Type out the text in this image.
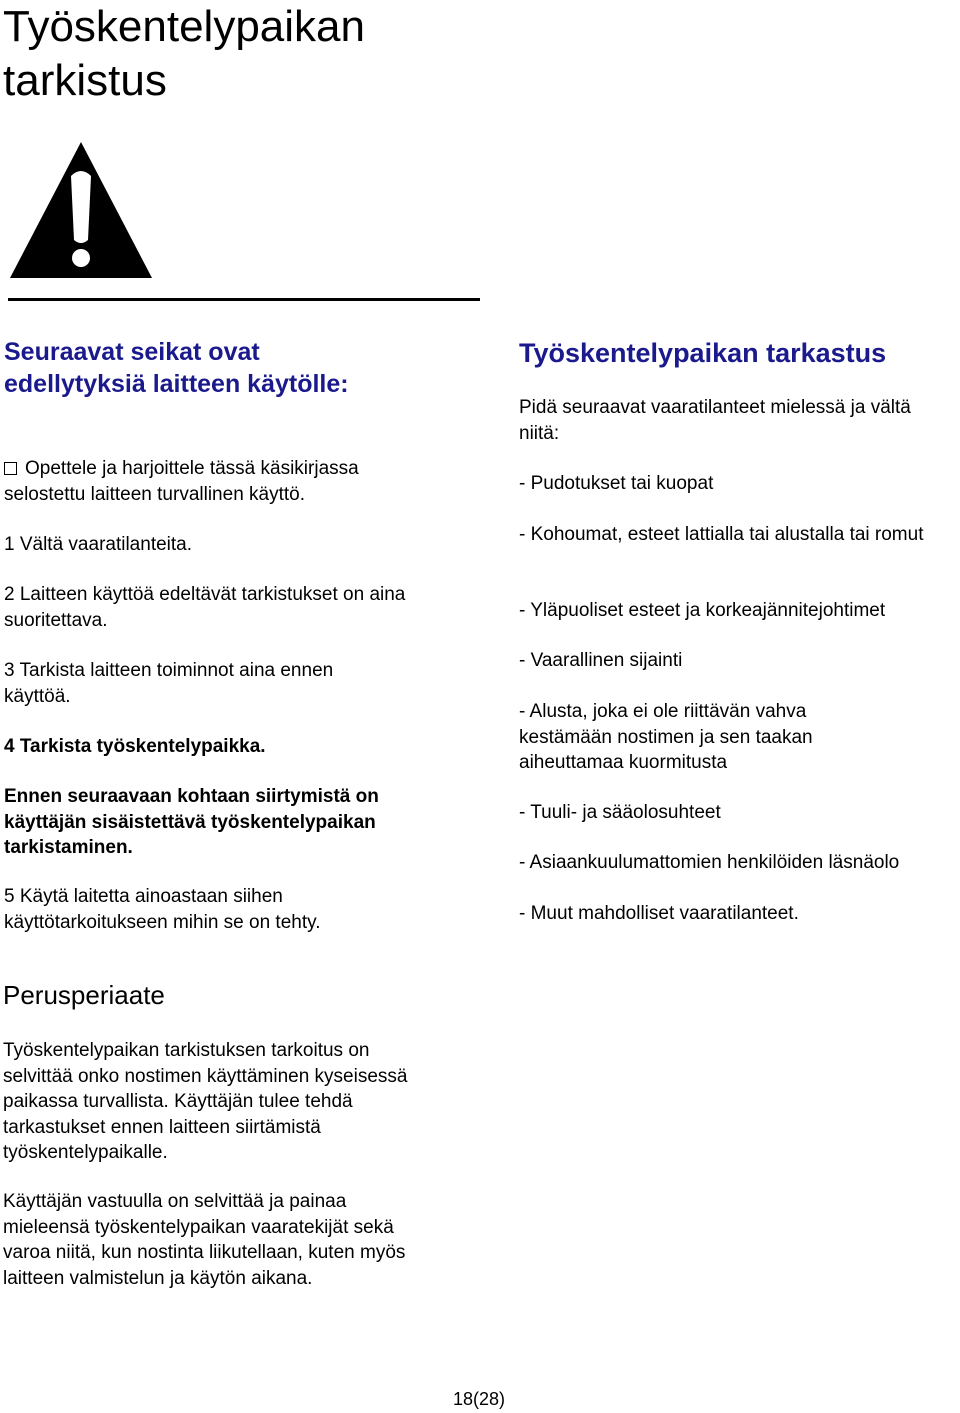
Työskentelypaikan tarkistus
Seuraavat seikat ovat edellytyksiä laitteen käytölle:

Opettele ja harjoittele tässä käsikirjassa selostettu laitteen turvallinen käyttö.

1 Vältä vaaratilanteita.

2 Laitteen käyttöä edeltävät tarkistukset on aina suoritettava.

3 Tarkista laitteen toiminnot aina ennen käyttöä.

4 Tarkista työskentelypaikka.

Ennen seuraavaan kohtaan siirtymistä on käyttäjän sisäistettävä työskentelypaikan tarkistaminen.

5 Käytä laitetta ainoastaan siihen käyttötarkoitukseen mihin se on tehty.

Työskentelypaikan tarkastus

Pidä seuraavat vaaratilanteet mielessä ja vältä niitä:

- Pudotukset tai kuopat

- Kohoumat, esteet lattialla tai alustalla tai romut

- Yläpuoliset esteet ja korkeajännitejohtimet

- Vaarallinen sijainti

- Alusta, joka ei ole riittävän vahva kestämään nostimen ja sen taakan aiheuttamaa kuormitusta

- Tuuli- ja sääolosuhteet

- Asiaankuulumattomien henkilöiden läsnäolo

- Muut mahdolliset vaaratilanteet.

Perusperiaate

Työskentelypaikan tarkistuksen tarkoitus on selvittää onko nostimen käyttäminen kyseisessä paikassa turvallista. Käyttäjän tulee tehdä tarkastukset ennen laitteen siirtämistä työskentelypaikalle.

Käyttäjän vastuulla on selvittää ja painaa mieleensä työskentelypaikan vaaratekijät sekä varoa niitä, kun nostinta liikutellaan, kuten myös laitteen valmistelun ja käytön aikana.

18(28)
